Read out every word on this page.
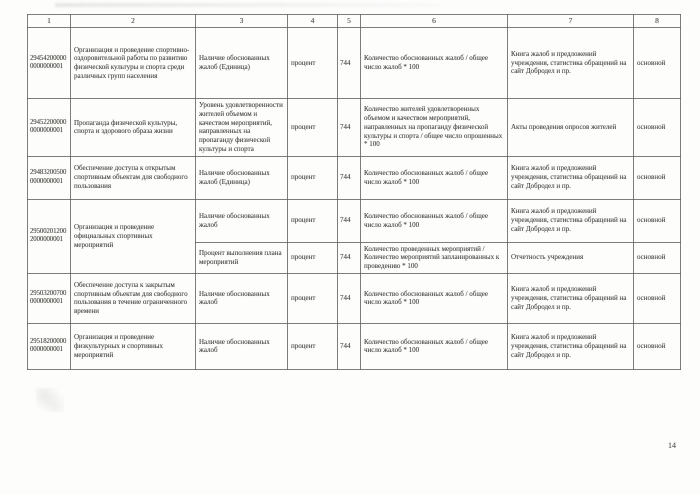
1	2	3	4	5	6	7	8
29454200000 0000000001	Организация и проведение спортивно-оздоровительной работы по развитию физической культуры и спорта среди различных групп населения	Наличие обоснованных жалоб (Единица)	процент	744	Количество обоснованных жалоб / общее число жалоб * 100	Книга жалоб и предложений учреждения, статистика обращений на сайт Добродел и пр.	основной
29452200000 0000000001	Пропаганда физической культуры, спорта и здорового образа жизни	Уровень удовлетворенности жителей объемом и качеством мероприятий, направленных на пропаганду физической культуры и спорта	процент	744	Количество жителей удовлетворенных объемом и качеством мероприятий, направленных на пропаганду физической культуры и спорта / общее число опрошенных * 100	Акты проведения опросов жителей	основной
29483200500 0000000001	Обеспечение доступа к открытым спортивным объектам для свободного пользования	Наличие обоснованных жалоб (Единица)	процент	744	Количество обоснованных жалоб / общее число жалоб * 100	Книга жалоб и предложений учреждения, статистика обращений на сайт Добродел и пр.	основной
29500201200 2000000001	Организация и проведение официальных спортивных мероприятий	Наличие обоснованных жалоб	процент	744	Количество обоснованных жалоб / общее число жалоб * 100	Книга жалоб и предложений учреждения, статистика обращений на сайт Добродел и пр.	основной
		Процент выполнения плана мероприятий	процент	744	Количество проведенных мероприятий / Количество мероприятий запланированных к проведению * 100	Отчетность учреждения	основной
29503200700 0000000001	Обеспечение доступа к закрытым спортивным объектам для свободного пользования в течение ограниченного времени	Наличие обоснованных жалоб	процент	744	Количество обоснованных жалоб / общее число жалоб * 100	Книга жалоб и предложений учреждения, статистика обращений на сайт Добродел и пр.	основной
29518200000 0000000001	Организация и проведение физкультурных и спортивных мероприятий	Наличие обоснованных жалоб	процент	744	Количество обоснованных жалоб / общее число жалоб * 100	Книга жалоб и предложений учреждения, статистика обращений на сайт Добродел и пр.	основной
14
